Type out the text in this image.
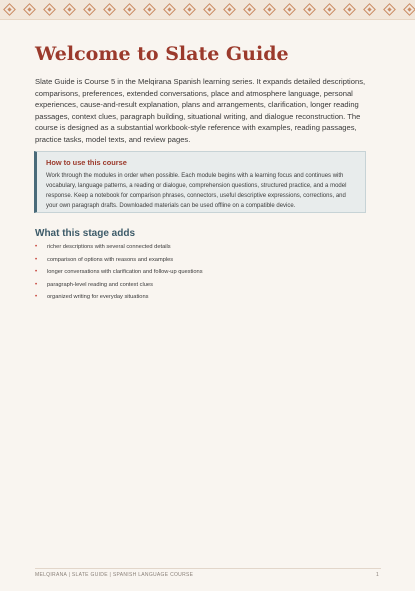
Welcome to Slate Guide

Slate Guide is Course 5 in the Melqirana Spanish learning series. It expands detailed descriptions, comparisons, preferences, extended conversations, place and atmosphere language, personal experiences, cause-and-result explanation, plans and arrangements, clarification, longer reading passages, context clues, paragraph building, situational writing, and dialogue reconstruction. The course is designed as a substantial workbook-style reference with examples, reading passages, practice tasks, model texts, and review pages.

How to use this course
Work through the modules in order when possible. Each module begins with a learning focus and continues with vocabulary, language patterns, a reading or dialogue, comprehension questions, structured practice, and a model response. Keep a notebook for comparison phrases, connectors, useful descriptive expressions, corrections, and your own paragraph drafts. Downloaded materials can be used offline on a compatible device.
What this stage adds
• richer descriptions with several connected details
• comparison of options with reasons and examples
• longer conversations with clarification and follow-up questions
• paragraph-level reading and context clues
• organized writing for everyday situations
MELQIRANA | SLATE GUIDE | SPANISH LANGUAGE COURSE	1
